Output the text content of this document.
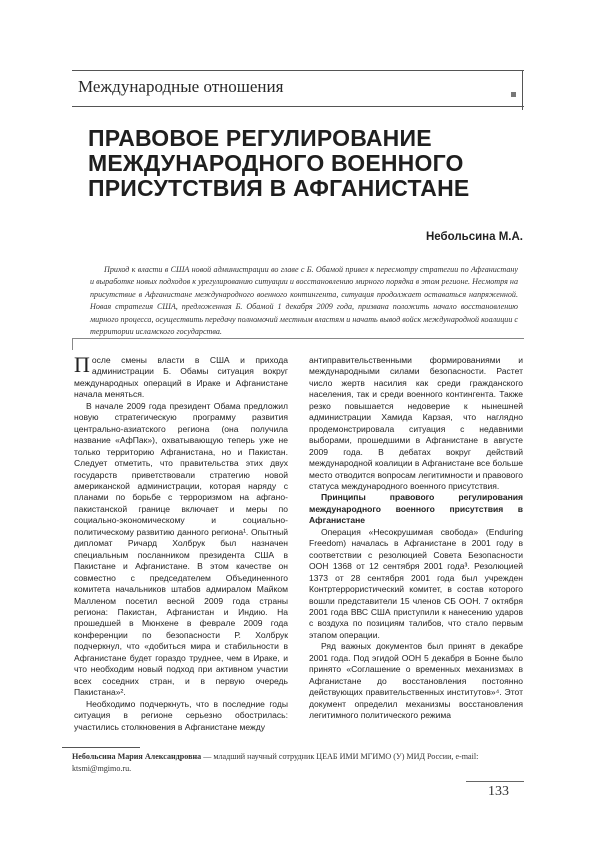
Международные отношения
ПРАВОВОЕ РЕГУЛИРОВАНИЕ
МЕЖДУНАРОДНОГО ВОЕННОГО
ПРИСУТСТВИЯ В АФГАНИСТАНЕ
Небольсина М.А.
Приход к власти в США новой администрации во главе с Б. Обамой привел к пересмотру стратегии по Афганистану и выработке новых подходов к урегулированию ситуации и восстановлению мирного порядка в этом регионе. Несмотря на присутствие в Афганистане международного военного контингента, ситуация продолжает оставаться напряженной. Новая стратегия США, предложенная Б. Обамой 1 декабря 2009 года, призвана положить начало восстановлению мирного процесса, осуществить передачу полномочий местным властям и начать вывод войск международной коалиции с территории исламского государства.

После смены власти в США и прихода администрации Б. Обамы ситуация вокруг международных операций в Ираке и Афганистане начала меняться.

В начале 2009 года президент Обама предложил новую стратегическую программу развития центрально-азиатского региона (она получила название «АфПак»), охватывающую теперь уже не только территорию Афганистана, но и Пакистан. Следует отметить, что правительства этих двух государств приветствовали стратегию новой американской администрации, которая наряду с планами по борьбе с терроризмом на афгано-пакистанской границе включает и меры по социально-экономическому и социально-политическому развитию данного региона¹. Опытный дипломат Ричард Холбрук был назначен специальным посланником президента США в Пакистане и Афганистане. В этом качестве он совместно с председателем Объединенного комитета начальников штабов адмиралом Майком Малленом посетил весной 2009 года страны региона: Пакистан, Афганистан и Индию. На прошедшей в Мюнхене в феврале 2009 года конференции по безопасности Р. Холбрук подчеркнул, что «добиться мира и стабильности в Афганистане будет гораздо труднее, чем в Ираке, и что необходим новый подход при активном участии всех соседних стран, и в первую очередь Пакистана»².

Необходимо подчеркнуть, что в последние годы ситуация в регионе серьезно обострилась: участились столкновения в Афганистане между

антиправительственными формированиями и международными силами безопасности. Растет число жертв насилия как среди гражданского населения, так и среди военного контингента. Также резко повышается недоверие к нынешней администрации Хамида Карзая, что наглядно продемонстрировала ситуация с недавними выборами, прошедшими в Афганистане в августе 2009 года. В дебатах вокруг действий международной коалиции в Афганистане все больше место отводится вопросам легитимности и правового статуса международного военного присутствия.

Принципы правового регулирования международного военного присутствия в Афганистане

Операция «Несокрушимая свобода» (Enduring Freedom) началась в Афганистане в 2001 году в соответствии с резолюцией Совета Безопасности ООН 1368 от 12 сентября 2001 года³. Резолюцией 1373 от 28 сентября 2001 года был учрежден Контртеррористический комитет, в состав которого вошли представители 15 членов СБ ООН. 7 октября 2001 года ВВС США приступили к нанесению ударов с воздуха по позициям талибов, что стало первым этапом операции.

Ряд важных документов был принят в декабре 2001 года. Под эгидой ООН 5 декабря в Бонне было принято «Соглашение о временных механизмах в Афганистане до восстановления постоянно действующих правительственных институтов»⁴. Этот документ определил механизмы восстановления легитимного политического режима

Небольсина Мария Александровна — младший научный сотрудник ЦЕАБ ИМИ МГИМО (У) МИД России, e-mail: ktsmi@mgimo.ru.
133
